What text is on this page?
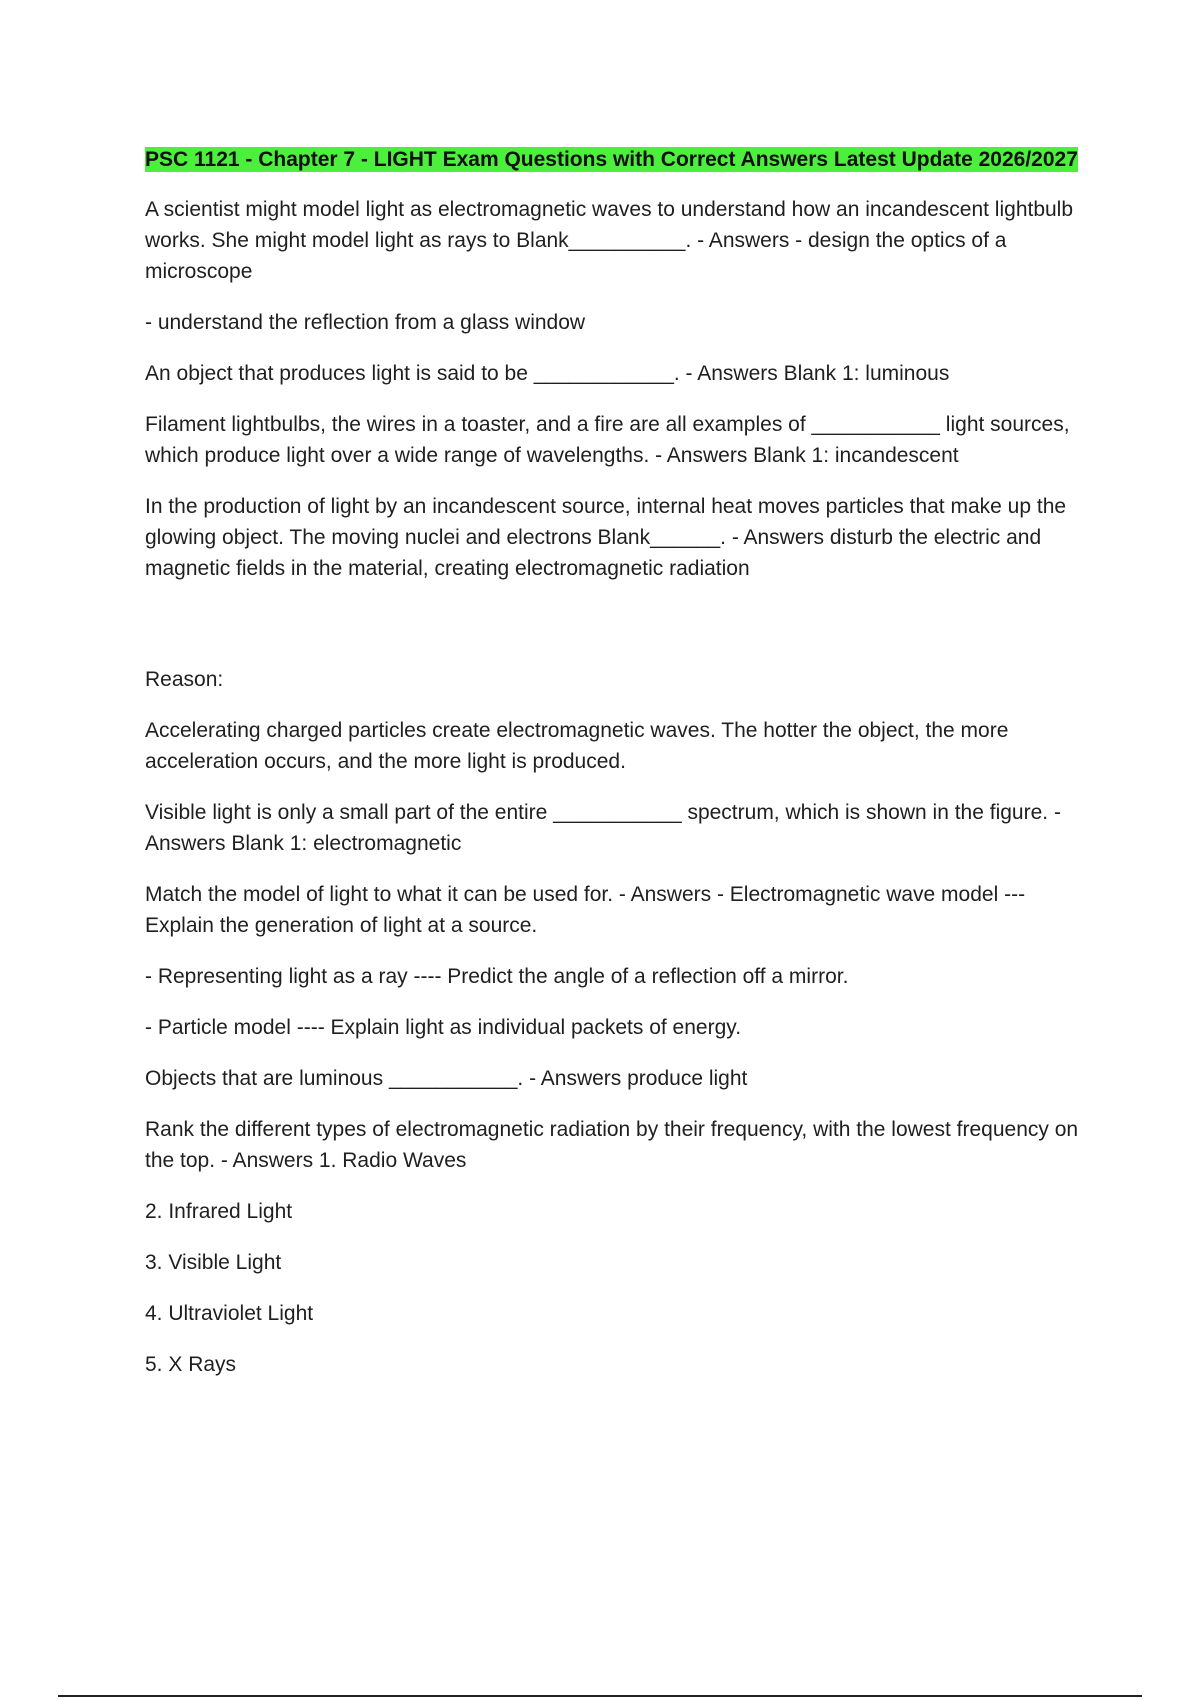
PSC 1121 - Chapter 7 - LIGHT Exam Questions with Correct Answers Latest Update 2026/2027

A scientist might model light as electromagnetic waves to understand how an incandescent lightbulb works. She might model light as rays to Blank__________. - Answers - design the optics of a microscope

- understand the reflection from a glass window

An object that produces light is said to be ____________. - Answers Blank 1: luminous

Filament lightbulbs, the wires in a toaster, and a fire are all examples of ___________ light sources, which produce light over a wide range of wavelengths. - Answers Blank 1: incandescent

In the production of light by an incandescent source, internal heat moves particles that make up the glowing object. The moving nuclei and electrons Blank______. - Answers disturb the electric and magnetic fields in the material, creating electromagnetic radiation

Reason:

Accelerating charged particles create electromagnetic waves. The hotter the object, the more acceleration occurs, and the more light is produced.

Visible light is only a small part of the entire ___________ spectrum, which is shown in the figure. - Answers Blank 1: electromagnetic

Match the model of light to what it can be used for. - Answers - Electromagnetic wave model --- Explain the generation of light at a source.

- Representing light as a ray ---- Predict the angle of a reflection off a mirror.

- Particle model ---- Explain light as individual packets of energy.

Objects that are luminous ___________. - Answers produce light

Rank the different types of electromagnetic radiation by their frequency, with the lowest frequency on the top. - Answers 1. Radio Waves

2. Infrared Light

3. Visible Light

4. Ultraviolet Light

5. X Rays
